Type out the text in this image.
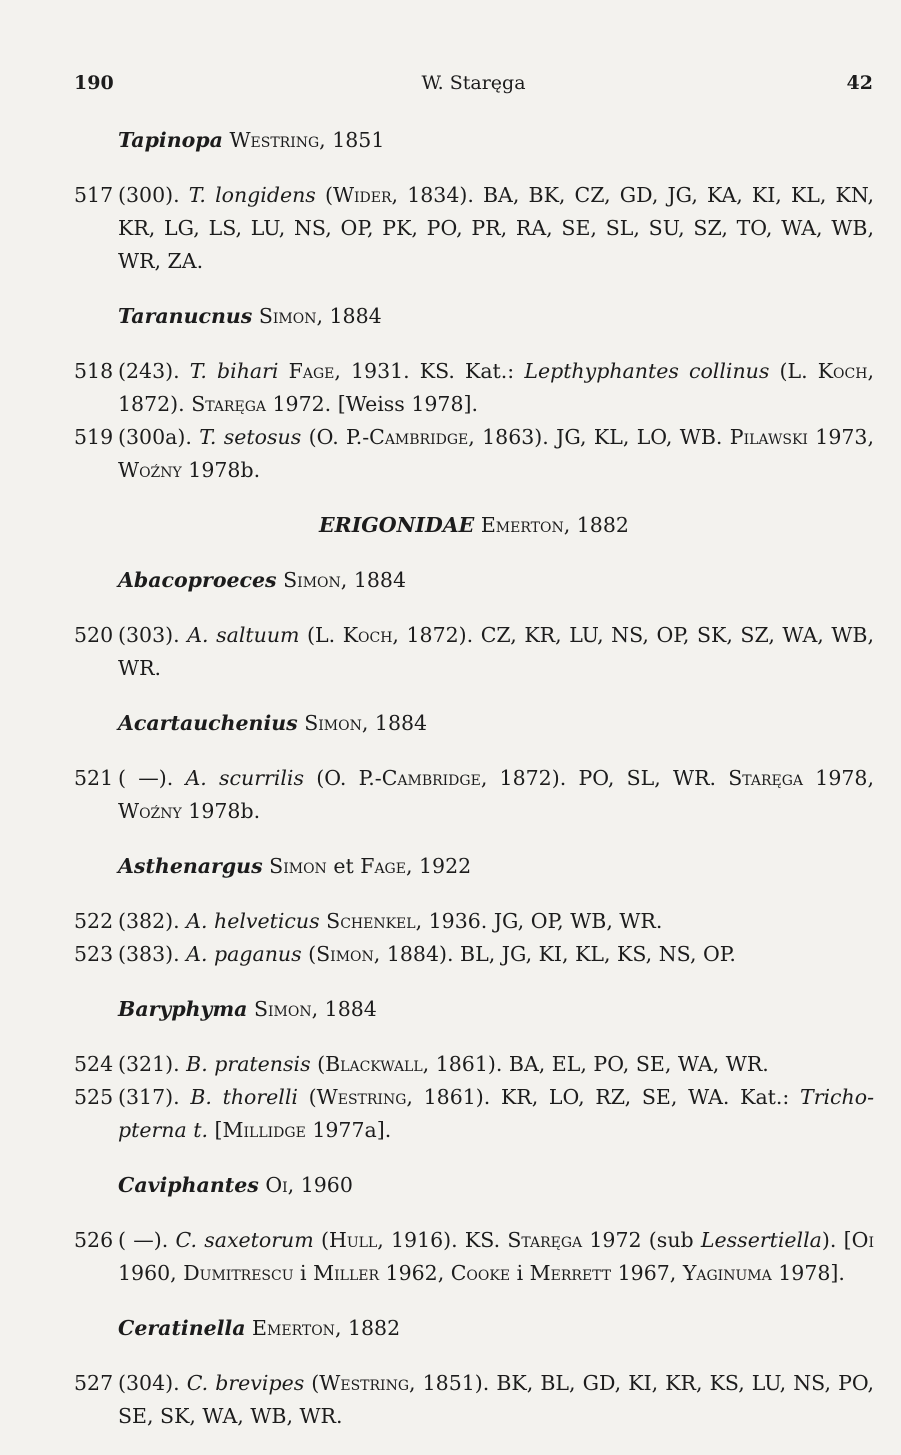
190	W. Staręga	42
Tapinopa Westring, 1851
517 (300). T. longidens (Wider, 1834). BA, BK, CZ, GD, JG, KA, KI, KL, KN, KR, LG, LS, LU, NS, OP, PK, PO, PR, RA, SE, SL, SU, SZ, TO, WA, WB, WR, ZA.
Taranucnus Simon, 1884
518 (243). T. bihari Fage, 1931. KS. Kat.: Lepthyphantes collinus (L. Koch, 1872). Staręga 1972. [Weiss 1978].
519 (300a). T. setosus (O. P.-Cambridge, 1863). JG, KL, LO, WB. Pilawski 1973, Woźny 1978b.
ERIGONIDAE Emerton, 1882
Abacoproeces Simon, 1884
520 (303). A. saltuum (L. Koch, 1872). CZ, KR, LU, NS, OP, SK, SZ, WA, WB, WR.
Acartauchenius Simon, 1884
521 ( —). A. scurrilis (O. P.-Cambridge, 1872). PO, SL, WR. Staręga 1978, Woźny 1978b.
Asthenargus Simon et Fage, 1922
522 (382). A. helveticus Schenkel, 1936. JG, OP, WB, WR.
523 (383). A. paganus (Simon, 1884). BL, JG, KI, KL, KS, NS, OP.
Baryphyma Simon, 1884
524 (321). B. pratensis (Blackwall, 1861). BA, EL, PO, SE, WA, WR.
525 (317). B. thorelli (Westring, 1861). KR, LO, RZ, SE, WA. Kat.: Tricho-pterna t. [Millidge 1977a].
Caviphantes Oi, 1960
526 ( —). C. saxetorum (Hull, 1916). KS. Staręga 1972 (sub Lessertiella). [Oi 1960, Dumitrescu i Miller 1962, Cooke i Merrett 1967, Yaginuma 1978].
Ceratinella Emerton, 1882
527 (304). C. brevipes (Westring, 1851). BK, BL, GD, KI, KR, KS, LU, NS, PO, SE, SK, WA, WB, WR.
